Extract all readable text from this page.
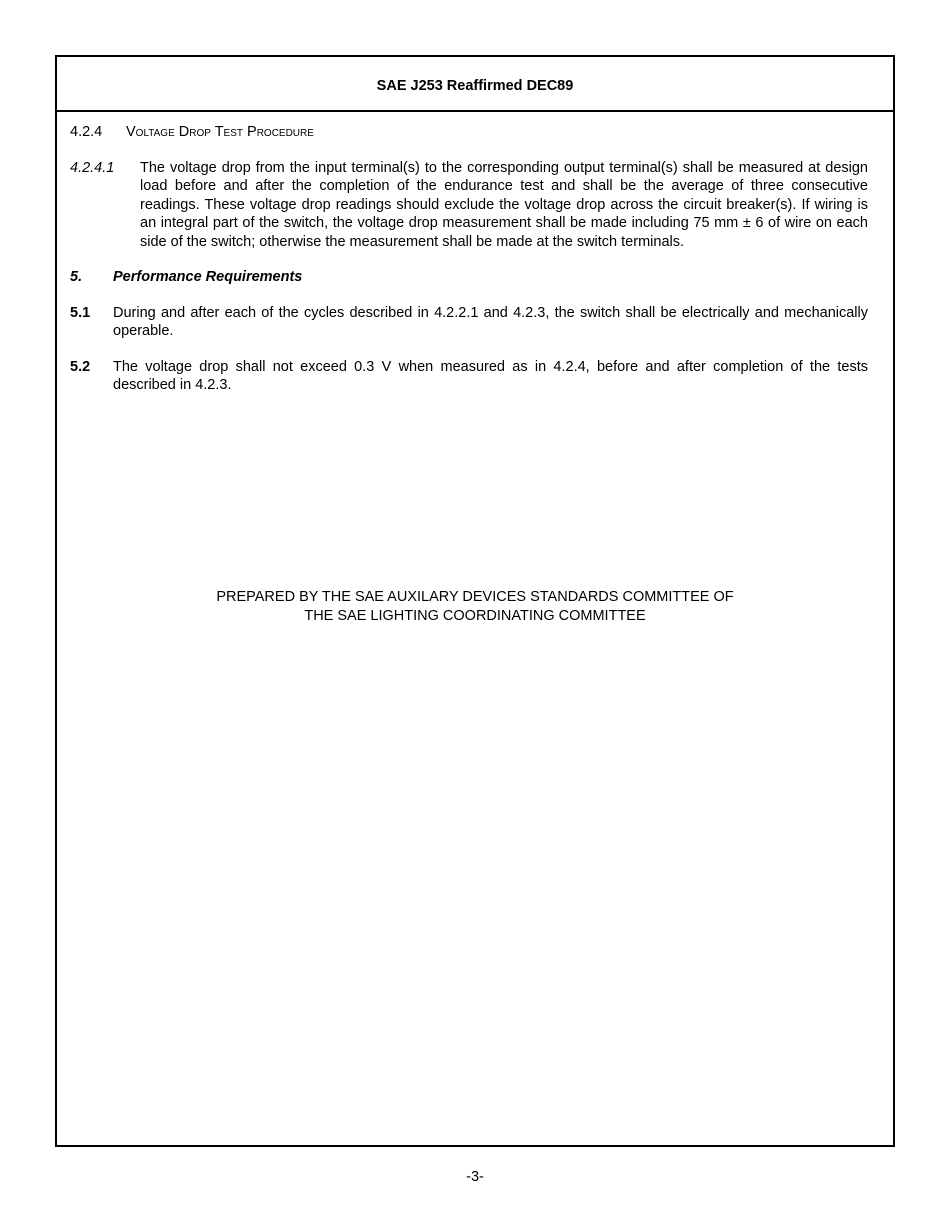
SAE J253 Reaffirmed DEC89
4.2.4	Voltage Drop Test Procedure
4.2.4.1	The voltage drop from the input terminal(s) to the corresponding output terminal(s) shall be measured at design load before and after the completion of the endurance test and shall be the average of three consecutive readings. These voltage drop readings should exclude the voltage drop across the circuit breaker(s). If wiring is an integral part of the switch, the voltage drop measurement shall be made including 75 mm ± 6 of wire on each side of the switch; otherwise the measurement shall be made at the switch terminals.
5.	Performance Requirements
5.1	During and after each of the cycles described in 4.2.2.1 and 4.2.3, the switch shall be electrically and mechanically operable.
5.2	The voltage drop shall not exceed 0.3 V when measured as in 4.2.4, before and after completion of the tests described in 4.2.3.
PREPARED BY THE SAE AUXILARY DEVICES STANDARDS COMMITTEE OF
THE SAE LIGHTING COORDINATING COMMITTEE
-3-
